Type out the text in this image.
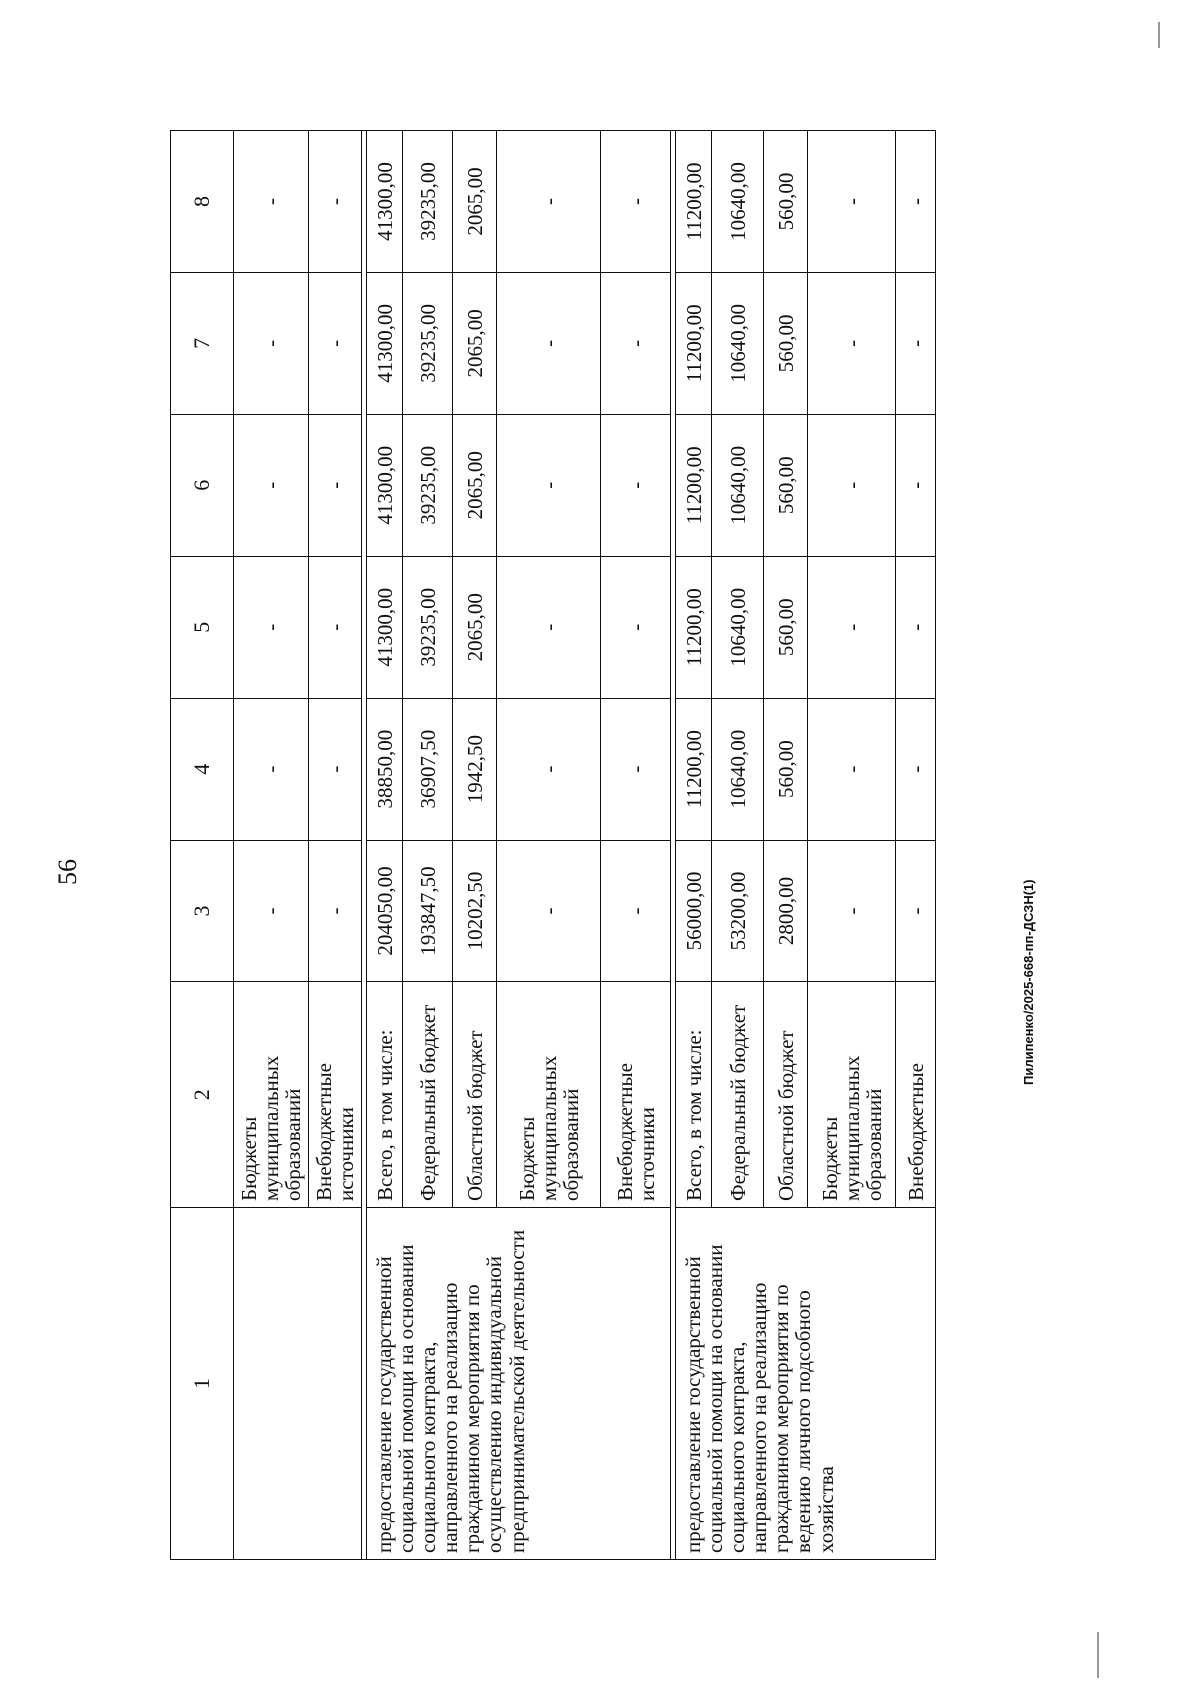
56
Пилипенко/2025-668-пп-ДСЗН(1)
1	2	3	4	5	6	7	8
	Бюджеты муниципальных образований	-	-	-	-	-	-
	Внебюджетные источники	-	-	-	-	-	-

предоставление государственной социальной помощи на основании социального контракта, направленного на реализацию гражданином мероприятия по осуществлению индивидуальной предпринимательской деятельности	Всего, в том числе:	204050,00	38850,00	41300,00	41300,00	41300,00	41300,00
	Федеральный бюджет	193847,50	36907,50	39235,00	39235,00	39235,00	39235,00
	Областной бюджет	10202,50	1942,50	2065,00	2065,00	2065,00	2065,00
	Бюджеты муниципальных образований	-	-	-	-	-	-
	Внебюджетные источники	-	-	-	-	-	-

предоставление государственной социальной помощи на основании социального контракта, направленного на реализацию гражданином мероприятия по ведению личного подсобного хозяйства	Всего, в том числе:	56000,00	11200,00	11200,00	11200,00	11200,00	11200,00
	Федеральный бюджет	53200,00	10640,00	10640,00	10640,00	10640,00	10640,00
	Областной бюджет	2800,00	560,00	560,00	560,00	560,00	560,00
	Бюджеты муниципальных образований	-	-	-	-	-	-
	Внебюджетные	-	-	-	-	-	-
